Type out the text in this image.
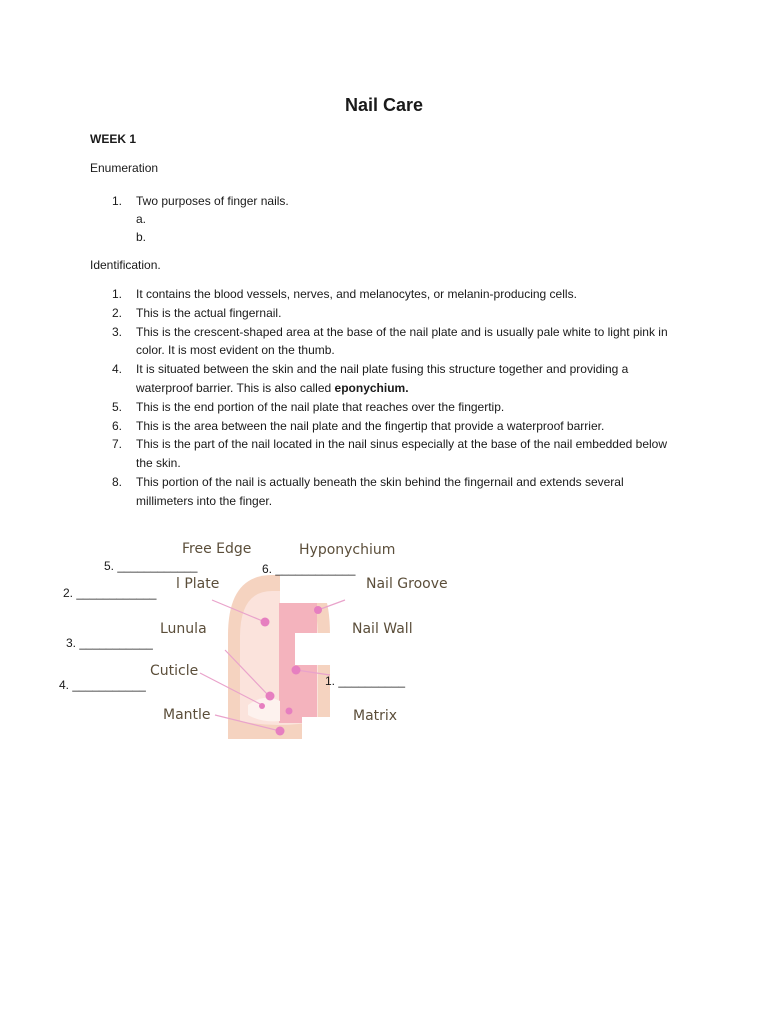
Nail Care
WEEK 1
Enumeration
1.	Two purposes of finger nails.
a.
b.
Identification.
1.	It contains the blood vessels, nerves, and melanocytes, or melanin-producing cells.
2.	This is the actual fingernail.
3.	This is the crescent-shaped area at the base of the nail plate and is usually pale white to light pink in color. It is most evident on the thumb.
4.	It is situated between the skin and the nail plate fusing this structure together and providing a waterproof barrier. This is also called eponychium.
5.	This is the end portion of the nail plate that reaches over the fingertip.
6.	This is the area between the nail plate and the fingertip that provide a waterproof barrier.
7.	This is the part of the nail located in the nail sinus especially at the base of the nail embedded below the skin.
8.	This portion of the nail is actually beneath the skin behind the fingernail and extends several millimeters into the finger.
Free Edge	Hyponychium
l Plate	Nail Groove
Lunula	Nail Wall
Cuticle
Mantle	Matrix
5. ____________	6. ____________
2. ____________
3. ___________
4. ___________	1. __________
